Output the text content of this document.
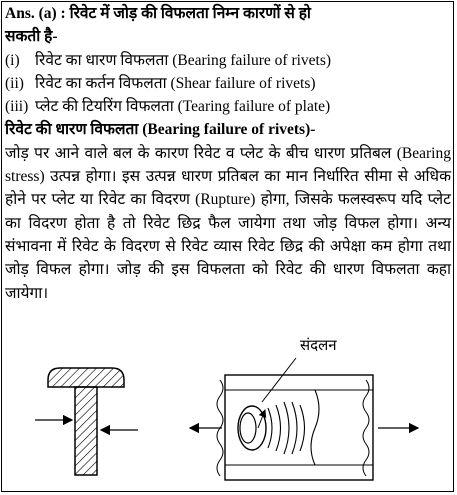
Ans. (a) : रिवेट में जोड़ की विफलता निम्न कारणों से हो
सकती है-
(i) रिवेट का धारण विफलता (Bearing failure of rivets)
(ii) रिवेट का कर्तन विफलता (Shear failure of rivets)
(iii) प्लेट की टियरिंग विफलता (Tearing failure of plate)
रिवेट की धारण विफलता (Bearing failure of rivets)-
जोड़ पर आने वाले बल के कारण रिवेट व प्लेट के बीच धारण प्रतिबल (Bearing stress) उत्पन्न होगा। इस उत्पन्न धारण प्रतिबल का मान निर्धारित सीमा से अधिक होने पर प्लेट या रिवेट का विदरण (Rupture) होगा, जिसके फलस्वरूप यदि प्लेट का विदरण होता है तो रिवेट छिद्र फैल जायेगा तथा जोड़ विफल होगा। अन्य संभावना में रिवेट के विदरण से रिवेट व्यास रिवेट छिद्र की अपेक्षा कम होगा तथा जोड़ विफल होगा। जोड़ की इस विफलता को रिवेट की धारण विफलता कहा जायेगा।
संदलन
